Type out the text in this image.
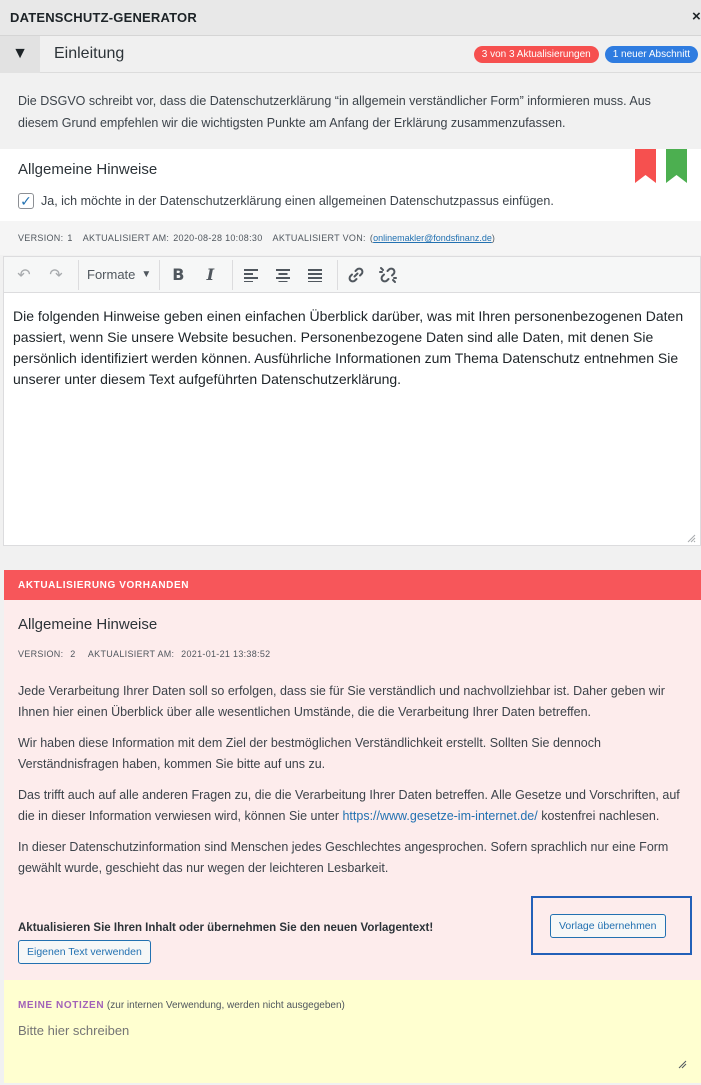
DATENSCHUTZ-GENERATOR	×
▼	Einleitung	3 von 3 Aktualisierungen	1 neuer Abschnitt
Die DSGVO schreibt vor, dass die Datenschutzerklärung “in allgemein verständlicher Form” informieren muss. Aus diesem Grund empfehlen wir die wichtigsten Punkte am Anfang der Erklärung zusammenzufassen.

Allgemeine Hinweise

✓ Ja, ich möchte in der Datenschutzerklärung einen allgemeinen Datenschutzpassus einfügen.
VERSION: 1 AKTUALISIERT AM: 2020-08-28 10:08:30 AKTUALISIERT VON: ( onlinemakler@fondsfinanz.de )
↶	↷	Formate ▼	B	I
Die folgenden Hinweise geben einen einfachen Überblick darüber, was mit Ihren personenbezogenen Daten passiert, wenn Sie unsere Website besuchen. Personenbezogene Daten sind alle Daten, mit denen Sie persönlich identifiziert werden können. Ausführliche Informationen zum Thema Datenschutz entnehmen Sie unserer unter diesem Text aufgeführten Datenschutzerklärung.
AKTUALISIERUNG VORHANDEN

Allgemeine Hinweise

VERSION: 2 AKTUALISIERT AM: 2021-01-21 13:38:52

Jede Verarbeitung Ihrer Daten soll so erfolgen, dass sie für Sie verständlich und nachvollziehbar ist. Daher geben wir Ihnen hier einen Überblick über alle wesentlichen Umstände, die die Verarbeitung Ihrer Daten betreffen.

Wir haben diese Information mit dem Ziel der bestmöglichen Verständlichkeit erstellt. Sollten Sie dennoch Verständnisfragen haben, kommen Sie bitte auf uns zu.

Das trifft auch auf alle anderen Fragen zu, die die Verarbeitung Ihrer Daten betreffen. Alle Gesetze und Vorschriften, auf die in dieser Information verwiesen wird, können Sie unter https://www.gesetze-im-internet.de/ kostenfrei nachlesen.

In dieser Datenschutzinformation sind Menschen jedes Geschlechtes angesprochen. Sofern sprachlich nur eine Form gewählt wurde, geschieht das nur wegen der leichteren Lesbarkeit.

Aktualisieren Sie Ihren Inhalt oder übernehmen Sie den neuen Vorlagentext!
Eigenen Text verwenden
Vorlage übernehmen
MEINE NOTIZEN (zur internen Verwendung, werden nicht ausgegeben)
Bitte hier schreiben
